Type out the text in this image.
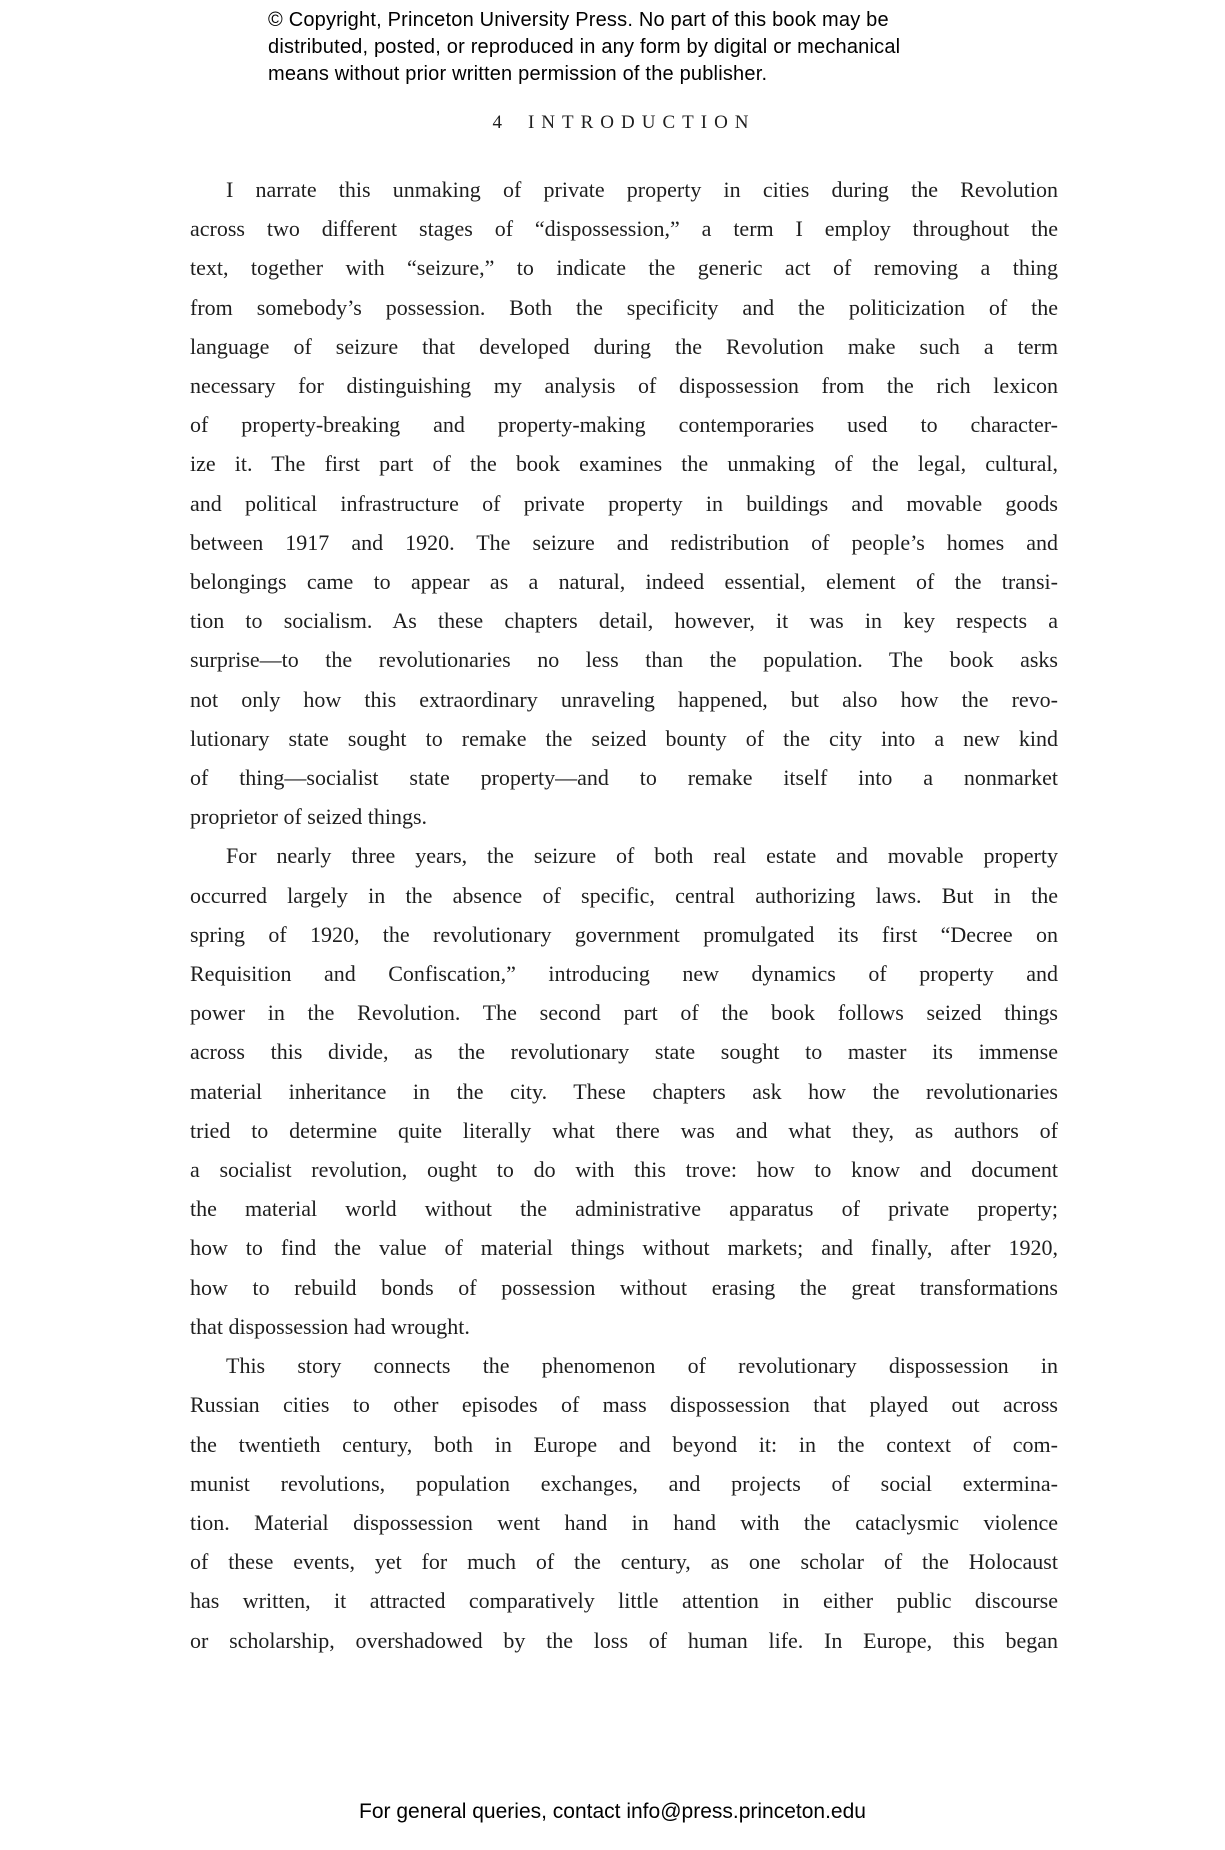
© Copyright, Princeton University Press. No part of this book may be
distributed, posted, or reproduced in any form by digital or mechanical
means without prior written permission of the publisher.
4 INTRODUCTION
I narrate this unmaking of private property in cities during the Revolution
across two different stages of “dispossession,” a term I employ throughout the
text, together with “seizure,” to indicate the generic act of removing a thing
from somebody’s possession. Both the specificity and the politicization of the
language of seizure that developed during the Revolution make such a term
necessary for distinguishing my analysis of dispossession from the rich lexicon
of property-breaking and property-making contemporaries used to character-
ize it. The first part of the book examines the unmaking of the legal, cultural,
and political infrastructure of private property in buildings and movable goods
between 1917 and 1920. The seizure and redistribution of people’s homes and
belongings came to appear as a natural, indeed essential, element of the transi-
tion to socialism. As these chapters detail, however, it was in key respects a
surprise—to the revolutionaries no less than the population. The book asks
not only how this extraordinary unraveling happened, but also how the revo-
lutionary state sought to remake the seized bounty of the city into a new kind
of thing—socialist state property—and to remake itself into a nonmarket
proprietor of seized things.
For nearly three years, the seizure of both real estate and movable property
occurred largely in the absence of specific, central authorizing laws. But in the
spring of 1920, the revolutionary government promulgated its first “Decree on
Requisition and Confiscation,” introducing new dynamics of property and
power in the Revolution. The second part of the book follows seized things
across this divide, as the revolutionary state sought to master its immense
material inheritance in the city. These chapters ask how the revolutionaries
tried to determine quite literally what there was and what they, as authors of
a socialist revolution, ought to do with this trove: how to know and document
the material world without the administrative apparatus of private property;
how to find the value of material things without markets; and finally, after 1920,
how to rebuild bonds of possession without erasing the great transformations
that dispossession had wrought.
This story connects the phenomenon of revolutionary dispossession in
Russian cities to other episodes of mass dispossession that played out across
the twentieth century, both in Europe and beyond it: in the context of com-
munist revolutions, population exchanges, and projects of social extermina-
tion. Material dispossession went hand in hand with the cataclysmic violence
of these events, yet for much of the century, as one scholar of the Holocaust
has written, it attracted comparatively little attention in either public discourse
or scholarship, overshadowed by the loss of human life. In Europe, this began
For general queries, contact info@press.princeton.edu
